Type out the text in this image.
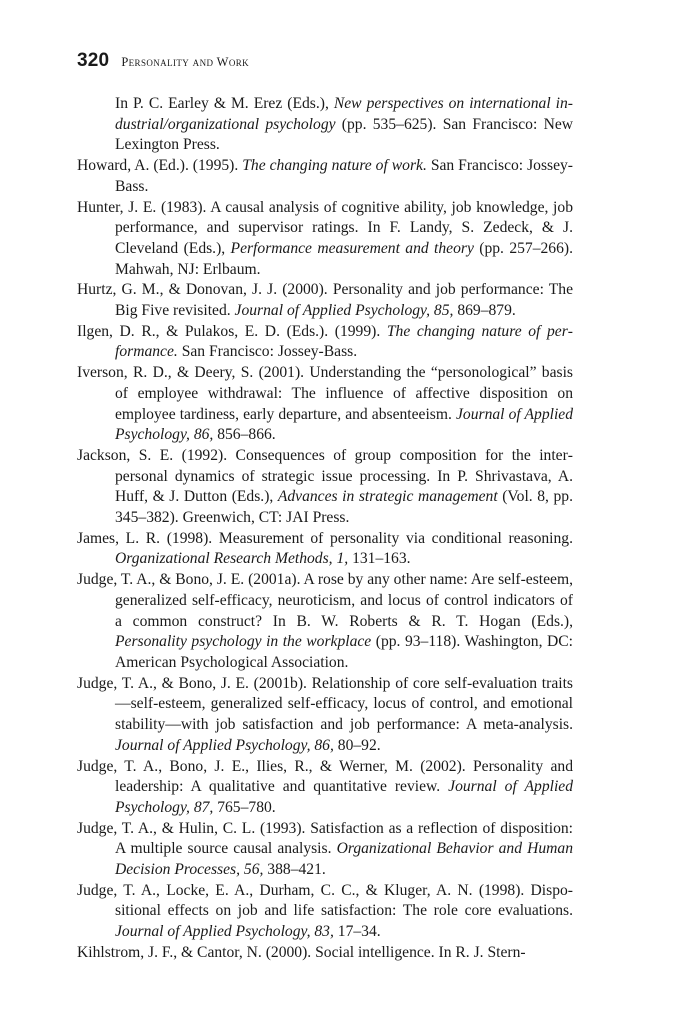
320 Personality and Work

In P. C. Earley & M. Erez (Eds.), New perspectives on international industrial/organizational psychology (pp. 535–625). San Francisco: New Lexington Press.

Howard, A. (Ed.). (1995). The changing nature of work. San Francisco: Jossey-Bass.

Hunter, J. E. (1983). A causal analysis of cognitive ability, job knowledge, job performance, and supervisor ratings. In F. Landy, S. Zedeck, & J. Cleveland (Eds.), Performance measurement and theory (pp. 257–266). Mahwah, NJ: Erlbaum.

Hurtz, G. M., & Donovan, J. J. (2000). Personality and job performance: The Big Five revisited. Journal of Applied Psychology, 85, 869–879.

Ilgen, D. R., & Pulakos, E. D. (Eds.). (1999). The changing nature of performance. San Francisco: Jossey-Bass.

Iverson, R. D., & Deery, S. (2001). Understanding the “personological” basis of employee withdrawal: The influence of affective disposition on employee tardiness, early departure, and absenteeism. Journal of Applied Psychology, 86, 856–866.

Jackson, S. E. (1992). Consequences of group composition for the interpersonal dynamics of strategic issue processing. In P. Shrivastava, A. Huff, & J. Dutton (Eds.), Advances in strategic management (Vol. 8, pp. 345–382). Greenwich, CT: JAI Press.

James, L. R. (1998). Measurement of personality via conditional reasoning. Organizational Research Methods, 1, 131–163.

Judge, T. A., & Bono, J. E. (2001a). A rose by any other name: Are self-esteem, generalized self-efficacy, neuroticism, and locus of control indicators of a common construct? In B. W. Roberts & R. T. Hogan (Eds.), Personality psychology in the workplace (pp. 93–118). Washington, DC: American Psychological Association.

Judge, T. A., & Bono, J. E. (2001b). Relationship of core self-evaluation traits—self-esteem, generalized self-efficacy, locus of control, and emotional stability—with job satisfaction and job performance: A meta-analysis. Journal of Applied Psychology, 86, 80–92.

Judge, T. A., Bono, J. E., Ilies, R., & Werner, M. (2002). Personality and leadership: A qualitative and quantitative review. Journal of Applied Psychology, 87, 765–780.

Judge, T. A., & Hulin, C. L. (1993). Satisfaction as a reflection of disposition: A multiple source causal analysis. Organizational Behavior and Human Decision Processes, 56, 388–421.

Judge, T. A., Locke, E. A., Durham, C. C., & Kluger, A. N. (1998). Dispositional effects on job and life satisfaction: The role core evaluations. Journal of Applied Psychology, 83, 17–34.

Kihlstrom, J. F., & Cantor, N. (2000). Social intelligence. In R. J. Stern-
